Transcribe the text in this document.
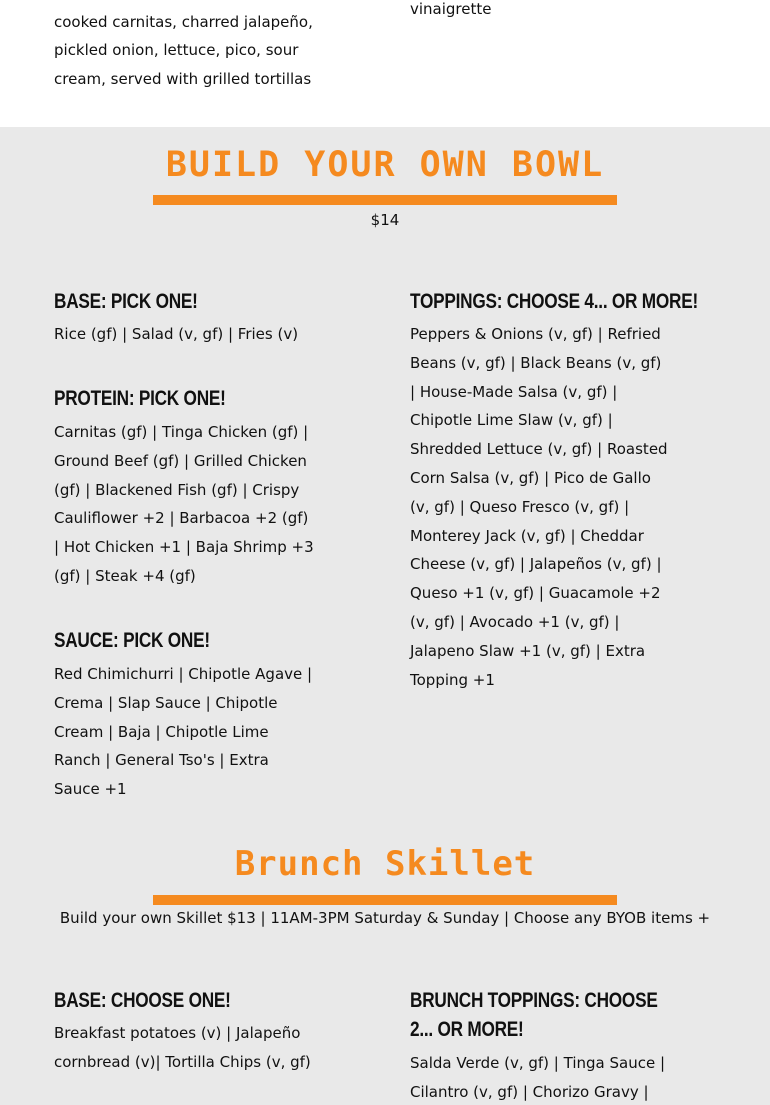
cooked carnitas, charred jalapeño,
pickled onion, lettuce, pico, sour
cream, served with grilled tortillas
vinaigrette
BUILD YOUR OWN BOWL
$14
BASE: PICK ONE!
Rice (gf) | Salad (v, gf) | Fries (v)
PROTEIN: PICK ONE!
Carnitas (gf) | Tinga Chicken (gf) | Ground Beef (gf) | Grilled Chicken (gf) | Blackened Fish (gf) | Crispy Cauliflower +2 | Barbacoa +2 (gf) | Hot Chicken +1 | Baja Shrimp +3 (gf) | Steak +4 (gf)
SAUCE: PICK ONE!
Red Chimichurri | Chipotle Agave | Crema | Slap Sauce | Chipotle Cream | Baja | Chipotle Lime Ranch | General Tso's | Extra Sauce +1
TOPPINGS: CHOOSE 4... OR MORE!
Peppers & Onions (v, gf) | Refried Beans (v, gf) | Black Beans (v, gf) | House-Made Salsa (v, gf) | Chipotle Lime Slaw (v, gf) | Shredded Lettuce (v, gf) | Roasted Corn Salsa (v, gf) | Pico de Gallo (v, gf) | Queso Fresco (v, gf) | Monterey Jack (v, gf) | Cheddar Cheese (v, gf) | Jalapeños (v, gf) | Queso +1 (v, gf) | Guacamole +2 (v, gf) | Avocado +1 (v, gf) | Jalapeno Slaw +1 (v, gf) | Extra Topping +1
Brunch Skillet
Build your own Skillet $13 | 11AM-3PM Saturday & Sunday | Choose any BYOB items +
BASE: CHOOSE ONE!
Breakfast potatoes (v) | Jalapeño cornbread (v)| Tortilla Chips (v, gf)
BRUNCH TOPPINGS: CHOOSE 2... OR MORE!
Salda Verde (v, gf) | Tinga Sauce | Cilantro (v, gf) | Chorizo Gravy |
